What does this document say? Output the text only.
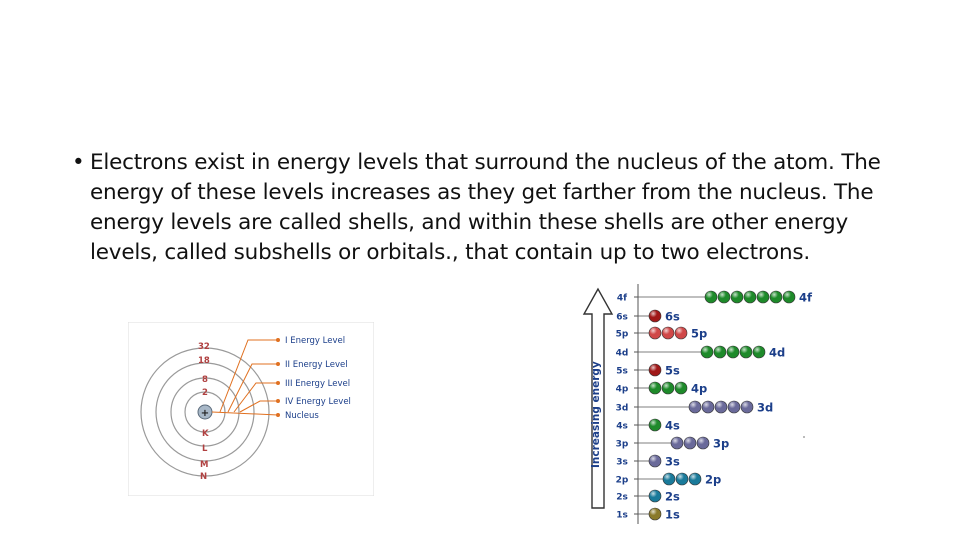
• Electrons exist in energy levels that surround the nucleus of the atom. The energy of these levels increases as they get farther from the nucleus. The energy levels are called shells, and within these shells are other energy levels, called subshells or orbitals., that contain up to two electrons.
+
32
18
8
2
K
L
M
N
I Energy Level
II Energy Level
III Energy Level
IV Energy Level
Nucleus	Increasing energy
4f	4f
6s	6s
5p	5p
4d	4d
5s	5s
4p	4p
3d	3d
4s	4s
3p	3p
3s	3s
2p	2p
2s	2s
1s	1s
